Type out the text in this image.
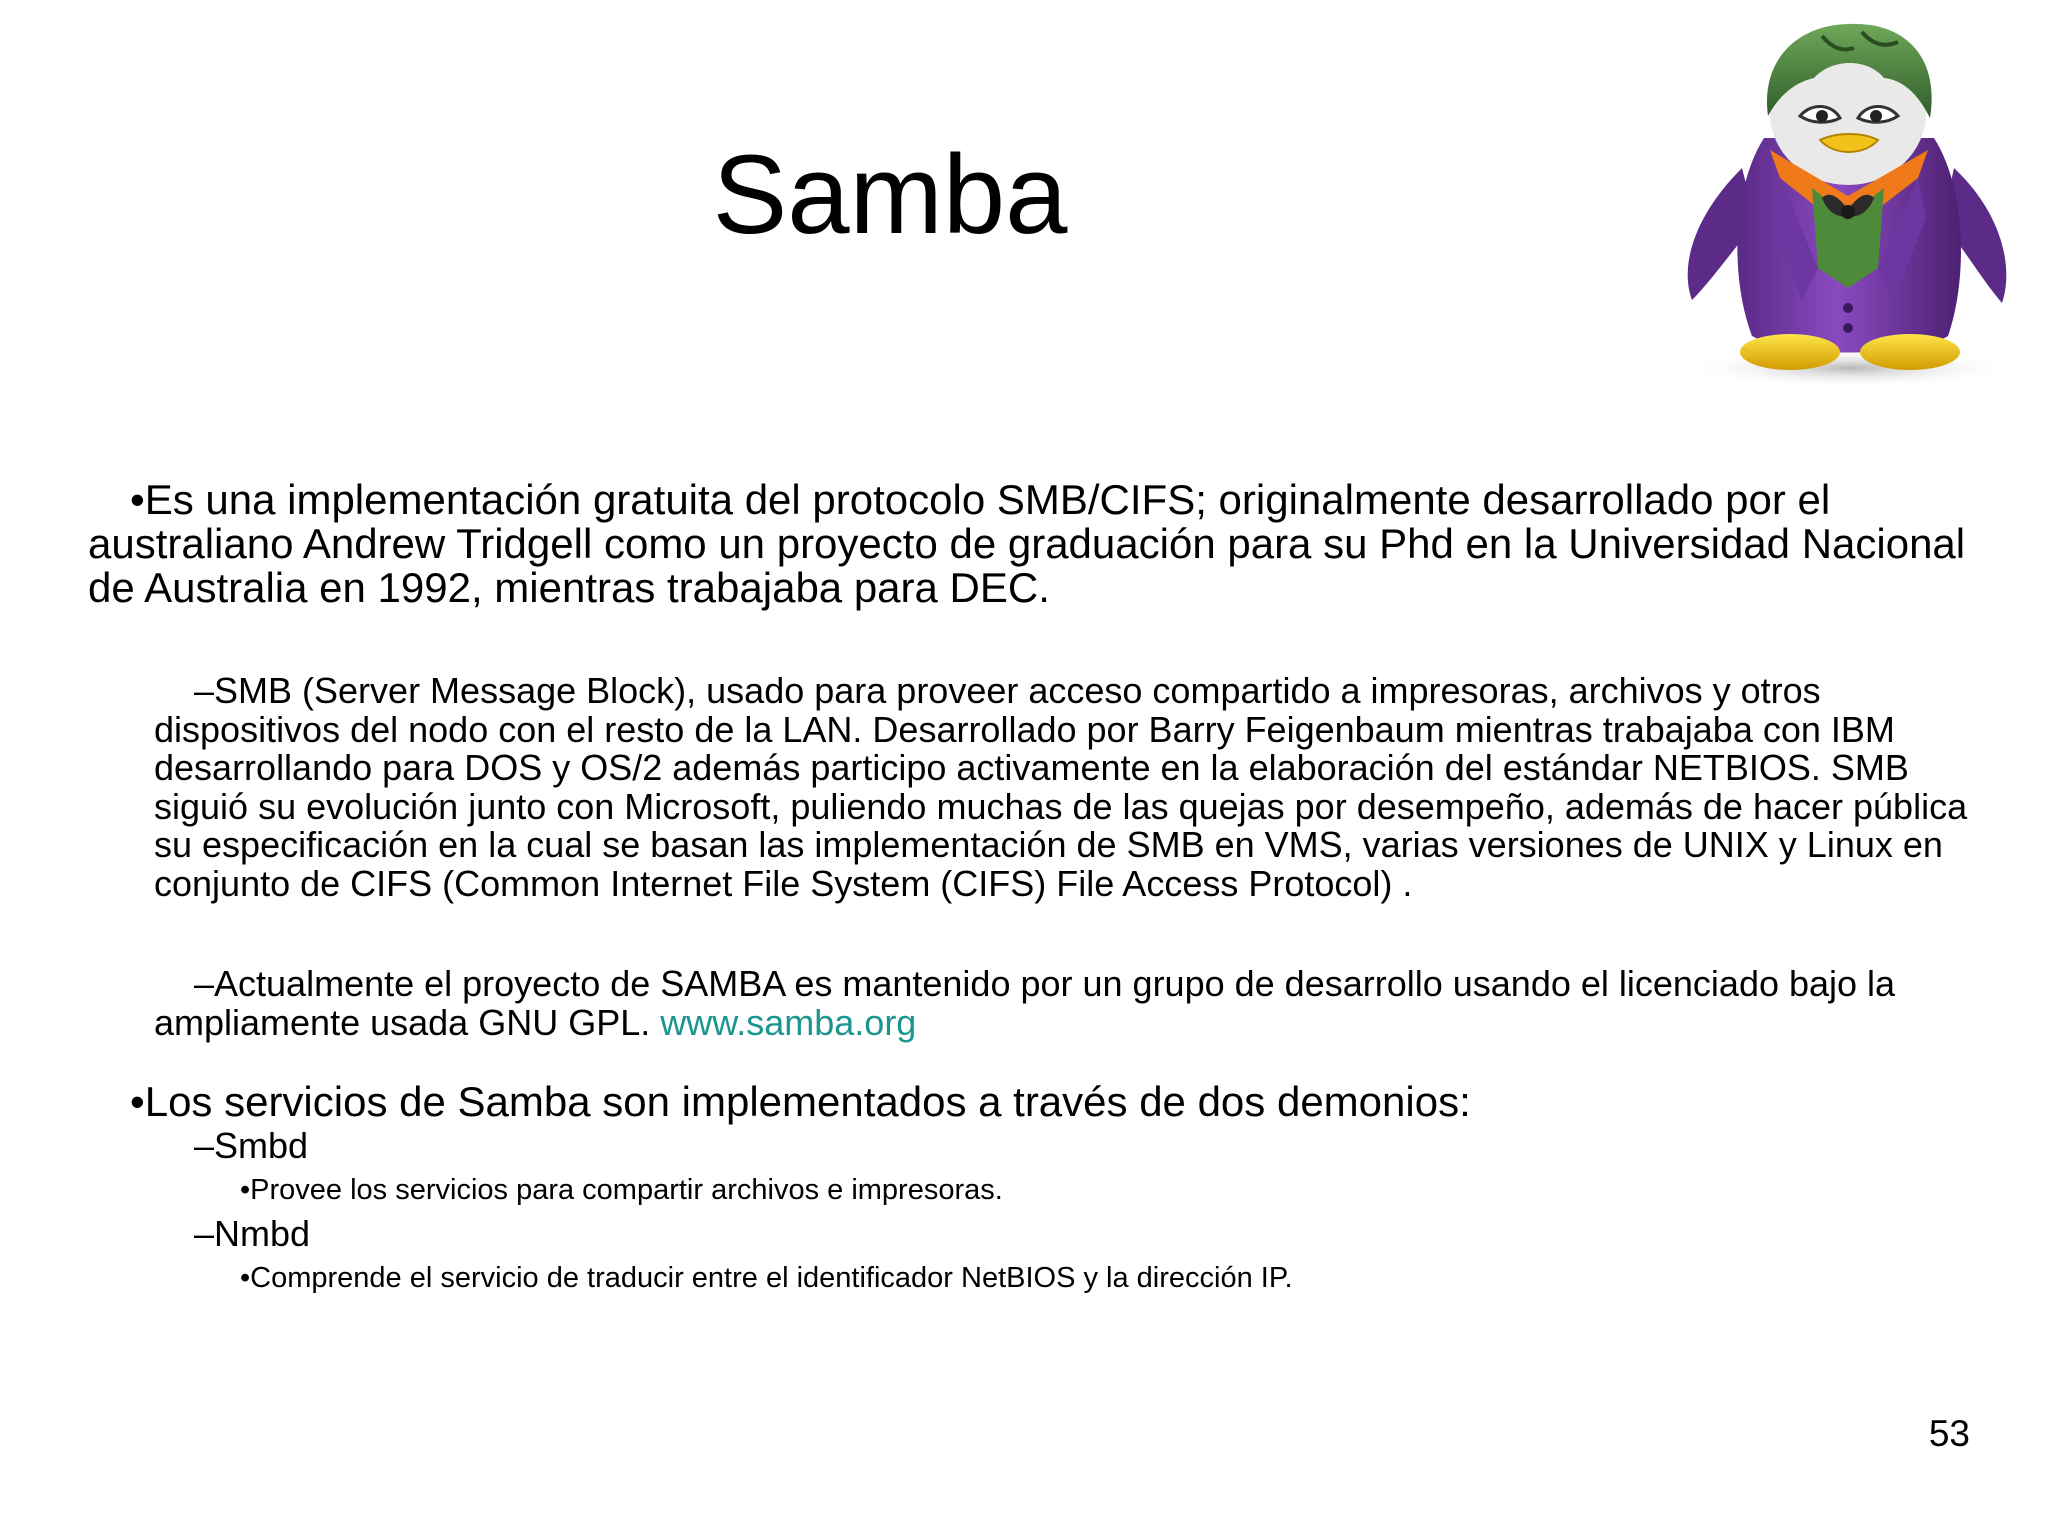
Samba

•Es una implementación gratuita del protocolo SMB/CIFS; originalmente desarrollado por el australiano Andrew Tridgell como un proyecto de graduación para su Phd en la Universidad Nacional de Australia en 1992, mientras trabajaba para DEC.

–SMB (Server Message Block), usado para proveer acceso compartido a impresoras, archivos y otros dispositivos del nodo con el resto de la LAN. Desarrollado por Barry Feigenbaum mientras trabajaba con IBM desarrollando para DOS y OS/2 además participo activamente en la elaboración del estándar NETBIOS. SMB siguió su evolución junto con Microsoft, puliendo muchas de las quejas por desempeño, además de hacer pública su especificación en la cual se basan las implementación de SMB en VMS, varias versiones de UNIX y Linux en conjunto de CIFS (Common Internet File System (CIFS) File Access Protocol) .

–Actualmente el proyecto de SAMBA es mantenido por un grupo de desarrollo usando el licenciado bajo la ampliamente usada GNU GPL. www.samba.org

•Los servicios de Samba son implementados a través de dos demonios:

–Smbd

•Provee los servicios para compartir archivos e impresoras.

–Nmbd

•Comprende el servicio de traducir entre el identificador NetBIOS y la dirección IP.

53
